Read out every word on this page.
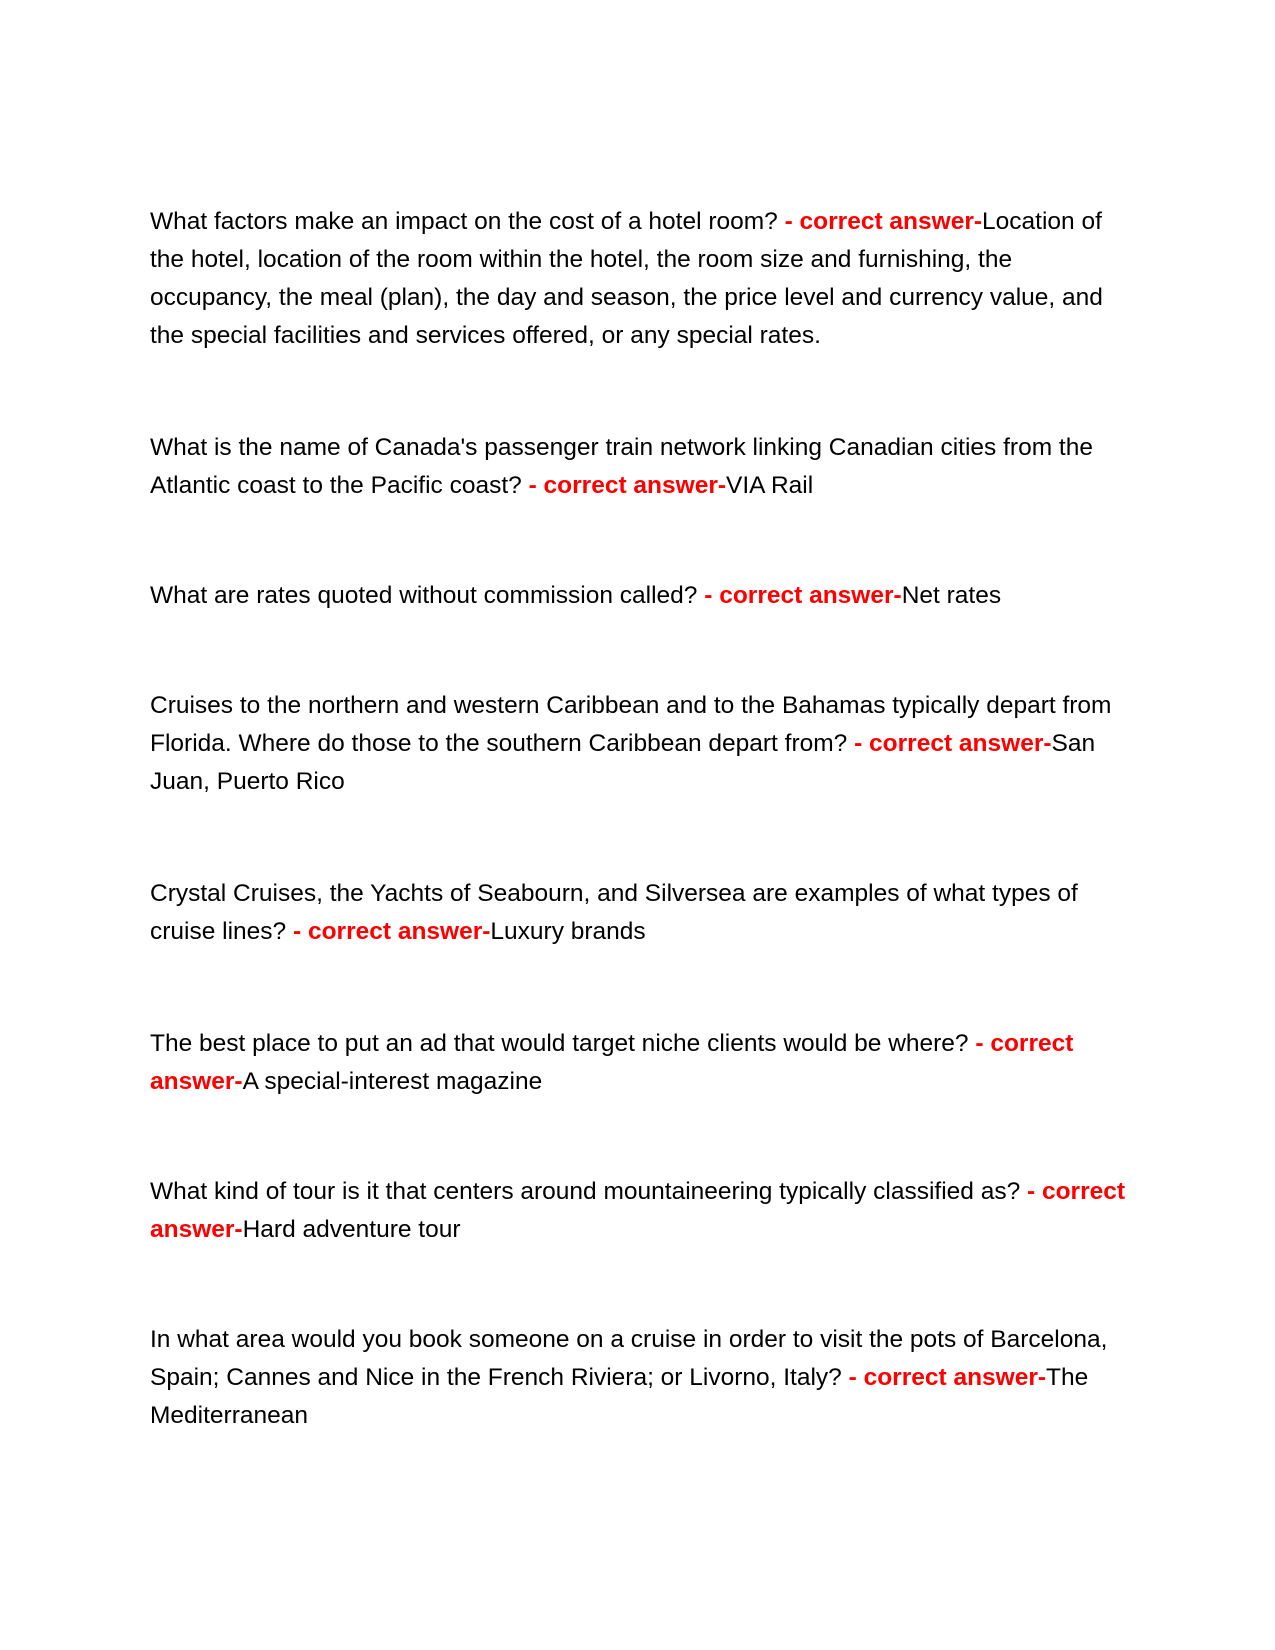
What factors make an impact on the cost of a hotel room? - correct answer-Location of the hotel, location of the room within the hotel, the room size and furnishing, the occupancy, the meal (plan), the day and season, the price level and currency value, and the special facilities and services offered, or any special rates.

What is the name of Canada's passenger train network linking Canadian cities from the Atlantic coast to the Pacific coast? - correct answer-VIA Rail

What are rates quoted without commission called? - correct answer-Net rates

Cruises to the northern and western Caribbean and to the Bahamas typically depart from Florida. Where do those to the southern Caribbean depart from? - correct answer-San Juan, Puerto Rico

Crystal Cruises, the Yachts of Seabourn, and Silversea are examples of what types of cruise lines? - correct answer-Luxury brands

The best place to put an ad that would target niche clients would be where? - correct answer-A special-interest magazine

What kind of tour is it that centers around mountaineering typically classified as? - correct answer-Hard adventure tour

In what area would you book someone on a cruise in order to visit the pots of Barcelona, Spain; Cannes and Nice in the French Riviera; or Livorno, Italy? - correct answer-The Mediterranean
